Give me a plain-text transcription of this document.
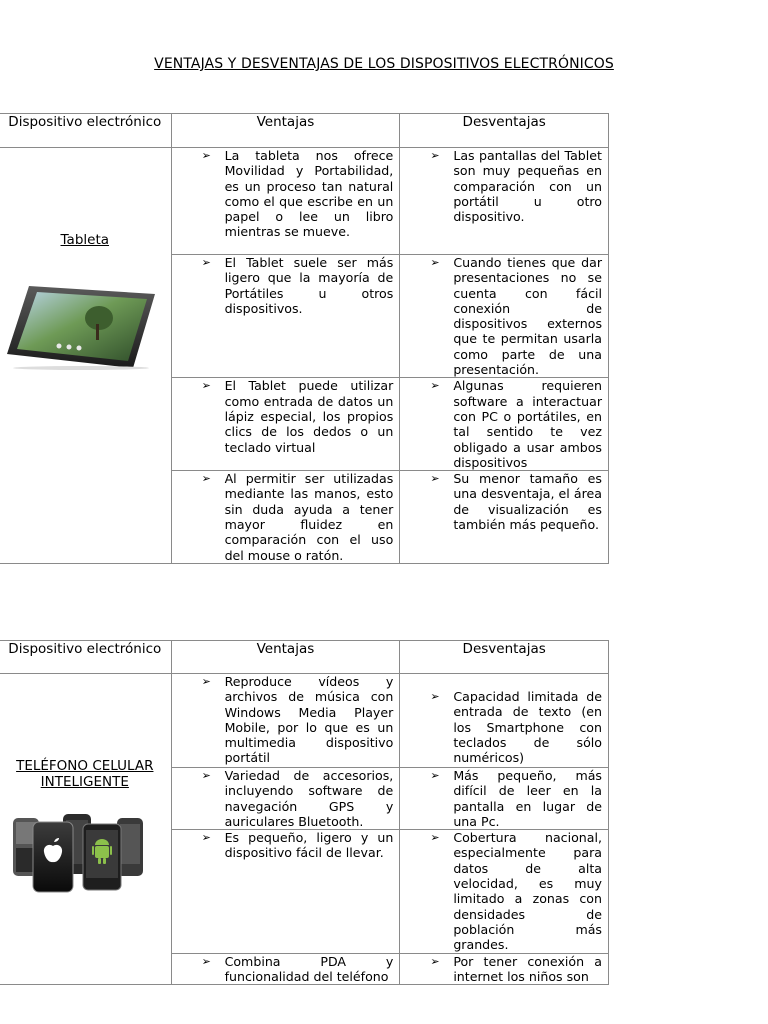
VENTAJAS Y DESVENTAJAS DE LOS DISPOSITIVOS ELECTRÓNICOS
Dispositivo electrónico	Ventajas	Desventajas

Tableta	➢ La tableta nos ofrece Movilidad y Portabilidad, es un proceso tan natural como el que escribe en un papel o lee un libro mientras se mueve.	➢ Las pantallas del Tablet son muy pequeñas en comparación con un portátil u otro dispositivo.

	➢ El Tablet suele ser más ligero que la mayoría de Portátiles u otros dispositivos.	➢ Cuando tienes que dar presentaciones no se cuenta con fácil conexión de dispositivos externos que te permitan usarla como parte de una presentación.

	➢ El Tablet puede utilizar como entrada de datos un lápiz especial, los propios clics de los dedos o un teclado virtual	➢ Algunas requieren software a interactuar con PC o portátiles, en tal sentido te vez obligado a usar ambos dispositivos

	➢ Al permitir ser utilizadas mediante las manos, esto sin duda ayuda a tener mayor fluidez en comparación con el uso del mouse o ratón.	➢ Su menor tamaño es una desventaja, el área de visualización es también más pequeño.
Dispositivo electrónico	Ventajas	Desventajas

TELÉFONO CELULAR INTELIGENTE	➢ Reproduce vídeos y archivos de música con Windows Media Player Mobile, por lo que es un multimedia dispositivo portátil	➢ Capacidad limitada de entrada de texto (en los Smartphone con teclados de sólo numéricos)

	➢ Variedad de accesorios, incluyendo software de navegación GPS y auriculares Bluetooth.	➢ Más pequeño, más difícil de leer en la pantalla en lugar de una Pc.

	➢ Es pequeño, ligero y un dispositivo fácil de llevar.	➢ Cobertura nacional, especialmente para datos de alta velocidad, es muy limitado a zonas con densidades de población más grandes.

	➢ Combina PDA y funcionalidad del teléfono	➢ Por tener conexión a internet los niños son
